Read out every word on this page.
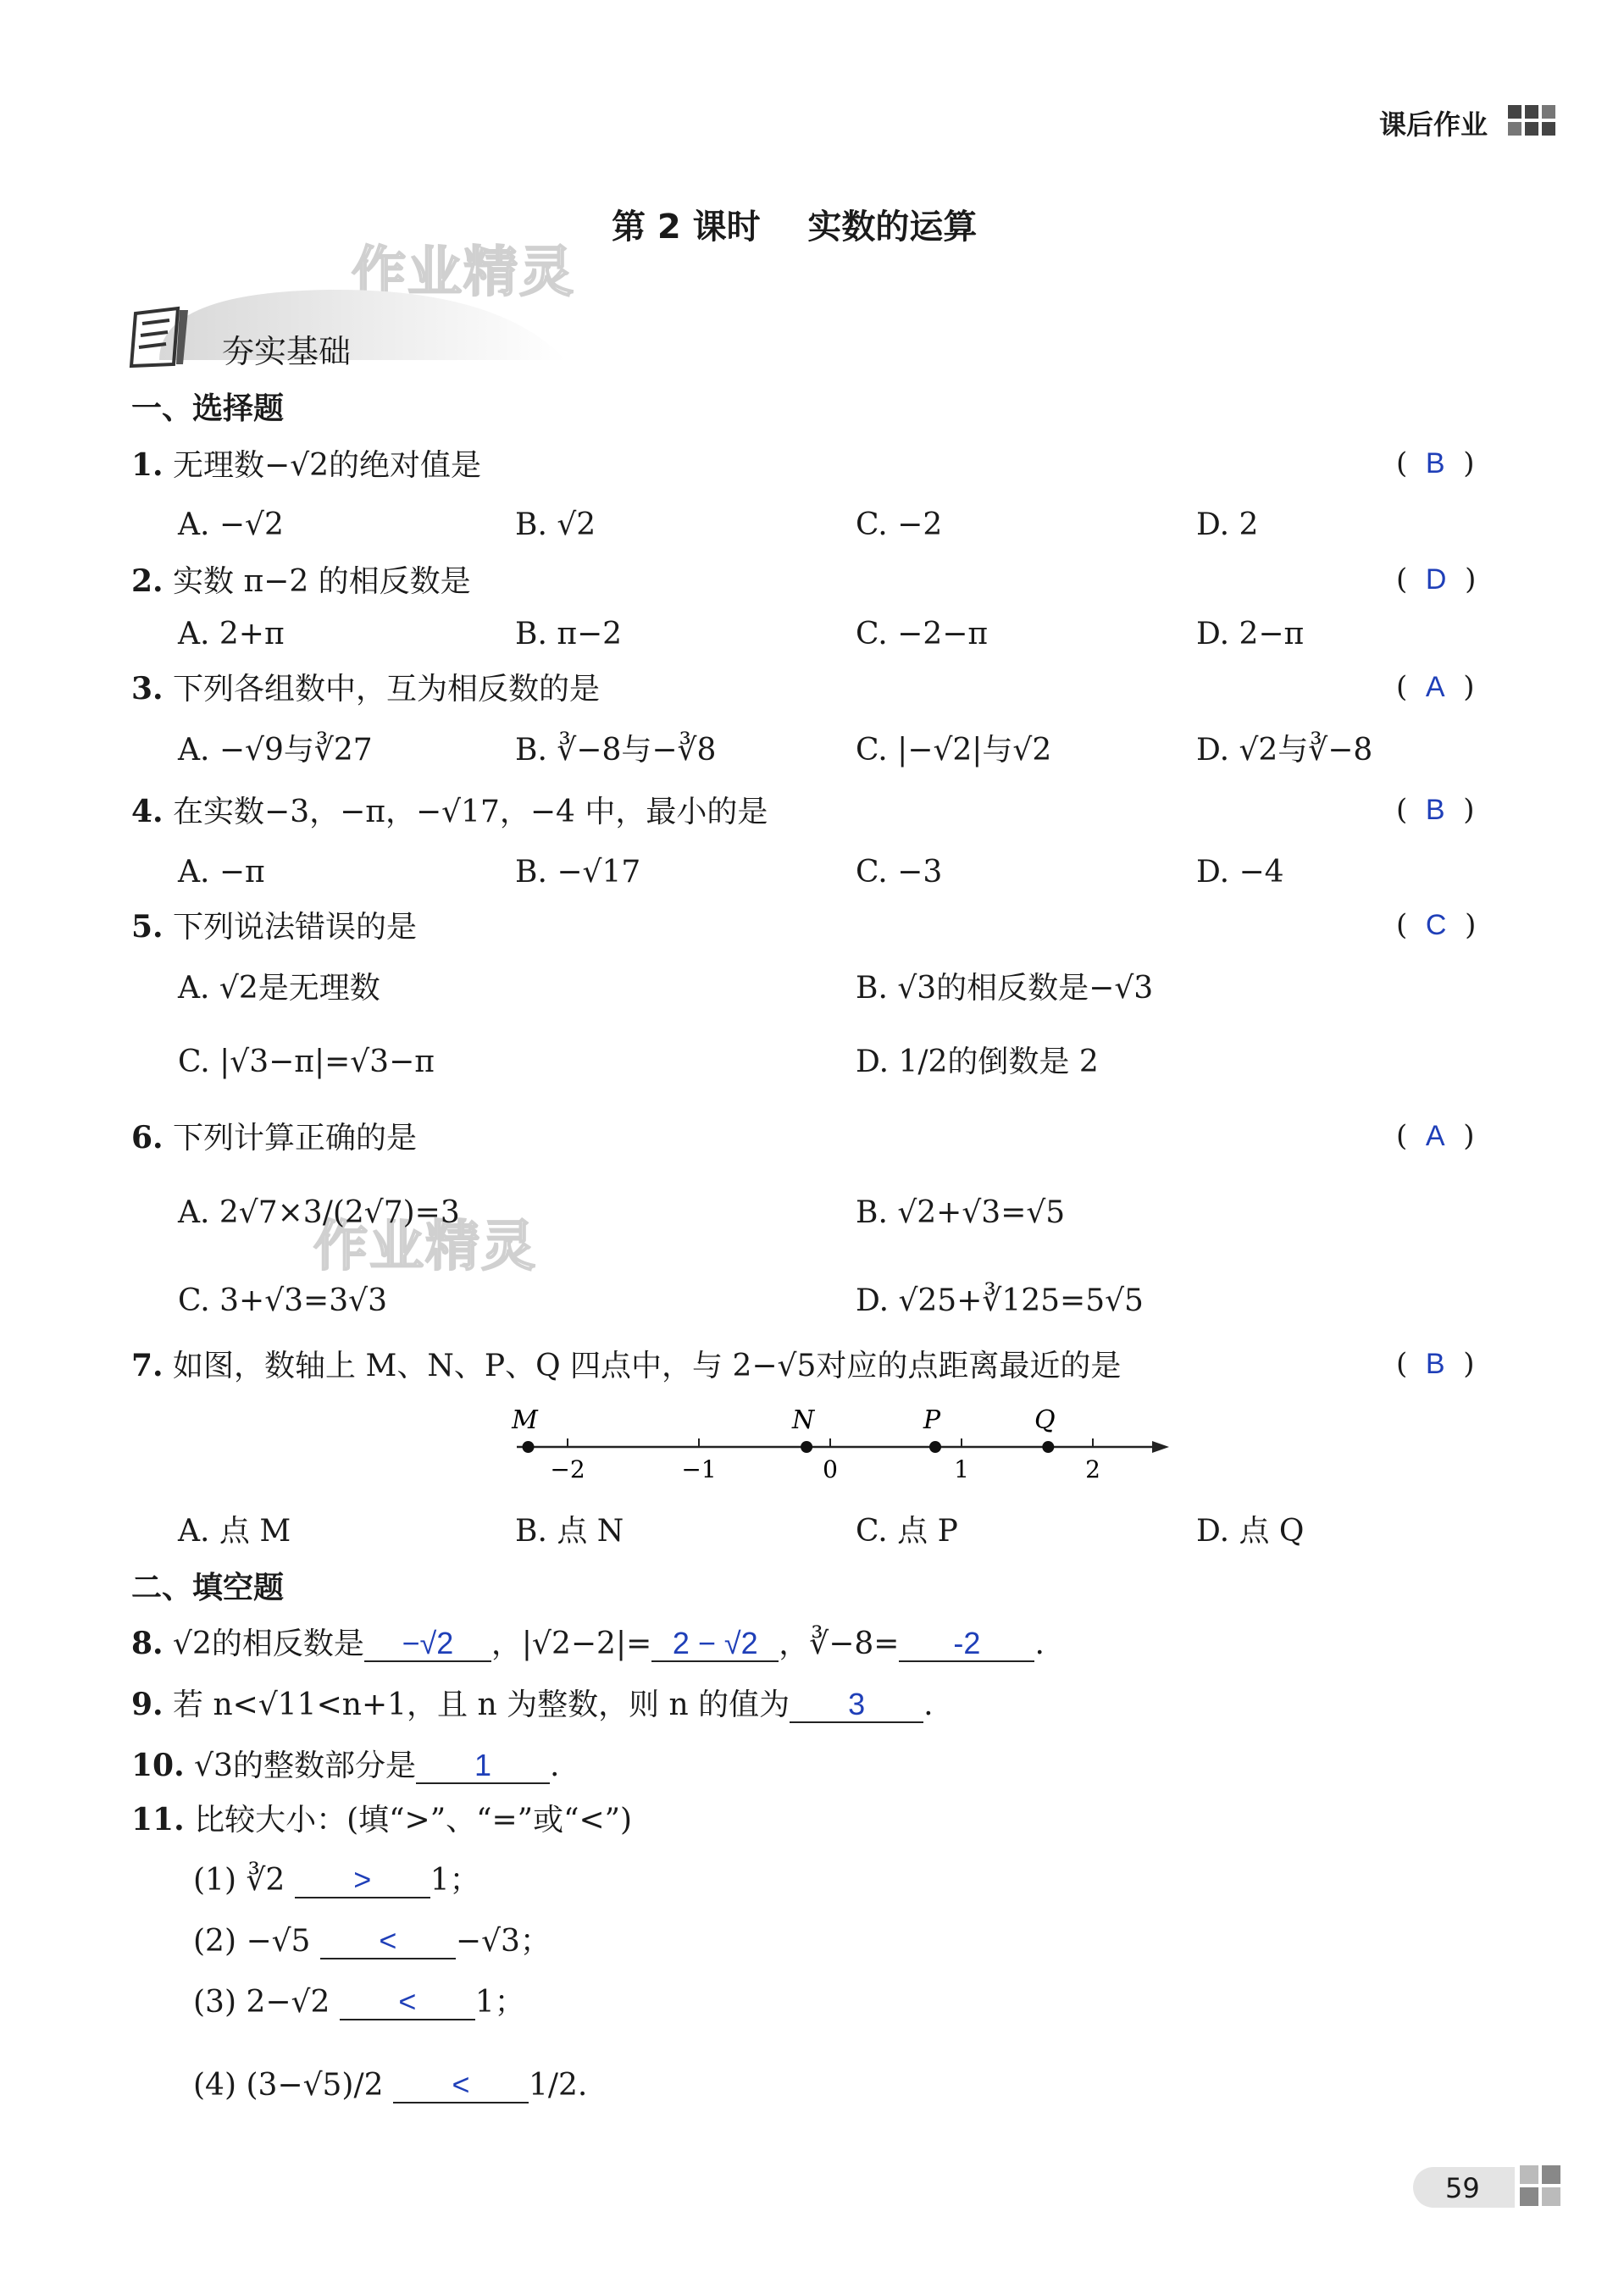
课后作业
第 2 课时    实数的运算
作业精灵
作业精灵
夯实基础
一、选择题
1. 无理数−√2的绝对值是	(  B  )
A. −√2	B. √2	C. −2	D. 2
2. 实数 π−2 的相反数是	(  D  )
A. 2+π	B. π−2	C. −2−π	D. 2−π
3. 下列各组数中，互为相反数的是	(  A  )
A. −√9与∛27	B. ∛−8与−∛8	C. |−√2|与√2	D. √2与∛−8
4. 在实数−3，−π，−√17，−4 中，最小的是	(  B  )
A. −π	B. −√17	C. −3	D. −4
5. 下列说法错误的是	(  C  )
A. √2是无理数	B. √3的相反数是−√3
C. |√3−π|=√3−π	D. 1/2的倒数是 2
6. 下列计算正确的是	(  A  )
A. 2√7×3/(2√7)=3	B. √2+√3=√5
C. 3+√3=3√3	D. √25+∛125=5√5
7. 如图，数轴上 M、N、P、Q 四点中，与 2−√5对应的点距离最近的是	(  B  )
−2	−1	0	1	2
M	N	P	Q
A. 点 M	B. 点 N	C. 点 P	D. 点 Q
二、填空题
8. √2的相反数是 −√2 ，|√2−2|= 2 − √2 ，∛−8= -2 .
9. 若 n<√11<n+1，且 n 为整数，则 n 的值为 3 .
10. √3的整数部分是 1 .
11. 比较大小：(填“>”、“=”或“<”)
(1) ∛2 > 1；
(2) −√5 < −√3；
(3) 2−√2 < 1；
(4) (3−√5)/2 < 1/2.
59
